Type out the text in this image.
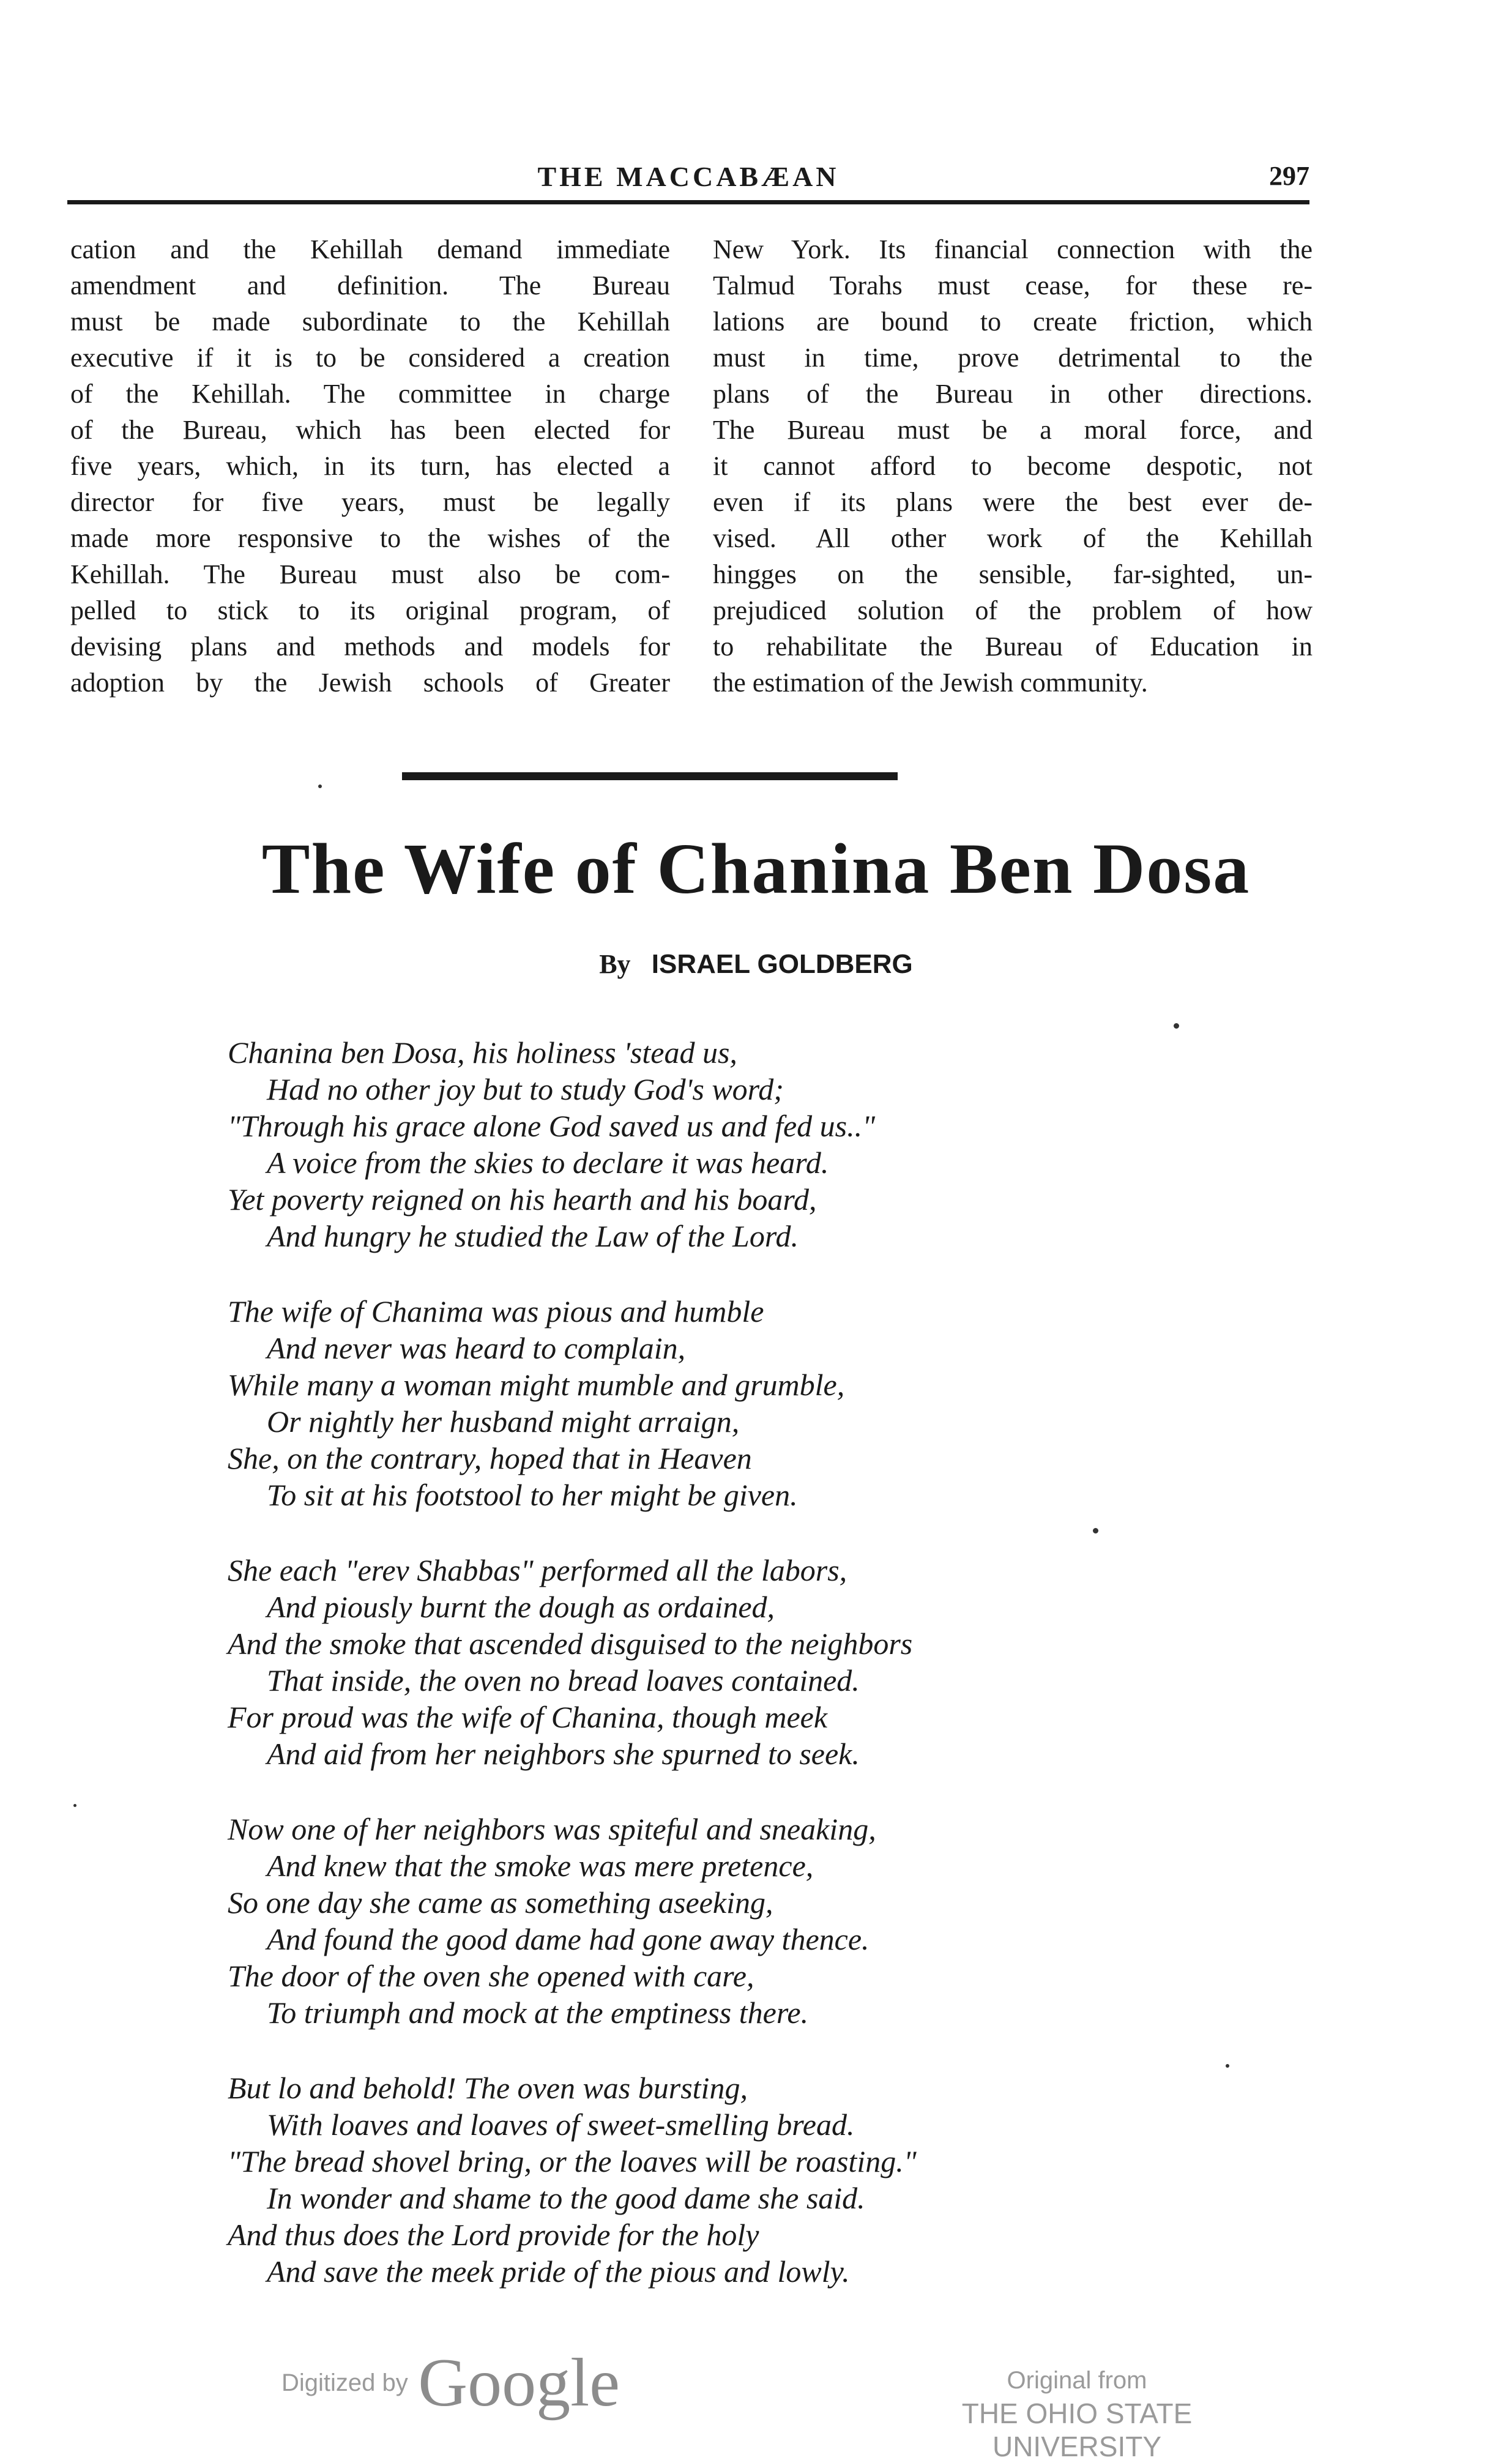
THE MACCABÆAN	297
cation and the Kehillah demand immediate
amendment and definition. The Bureau
must be made subordinate to the Kehillah
executive if it is to be considered a creation
of the Kehillah. The committee in charge
of the Bureau, which has been elected for
five years, which, in its turn, has elected a
director for five years, must be legally
made more responsive to the wishes of the
Kehillah. The Bureau must also be com-
pelled to stick to its original program, of
devising plans and methods and models for
adoption by the Jewish schools of Greater
New York. Its financial connection with the
Talmud Torahs must cease, for these re-
lations are bound to create friction, which
must in time, prove detrimental to the
plans of the Bureau in other directions.
The Bureau must be a moral force, and
it cannot afford to become despotic, not
even if its plans were the best ever de-
vised. All other work of the Kehillah
hingges on the sensible, far-sighted, un-
prejudiced solution of the problem of how
to rehabilitate the Bureau of Education in
the estimation of the Jewish community.
The Wife of Chanina Ben Dosa
By ISRAEL GOLDBERG
Chanina ben Dosa, his holiness 'stead us,
Had no other joy but to study God's word;
"Through his grace alone God saved us and fed us.."
A voice from the skies to declare it was heard.
Yet poverty reigned on his hearth and his board,
And hungry he studied the Law of the Lord.
The wife of Chanima was pious and humble
And never was heard to complain,
While many a woman might mumble and grumble,
Or nightly her husband might arraign,
She, on the contrary, hoped that in Heaven
To sit at his footstool to her might be given.
She each "erev Shabbas" performed all the labors,
And piously burnt the dough as ordained,
And the smoke that ascended disguised to the neighbors
That inside, the oven no bread loaves contained.
For proud was the wife of Chanina, though meek
And aid from her neighbors she spurned to seek.
Now one of her neighbors was spiteful and sneaking,
And knew that the smoke was mere pretence,
So one day she came as something aseeking,
And found the good dame had gone away thence.
The door of the oven she opened with care,
To triumph and mock at the emptiness there.
But lo and behold! The oven was bursting,
With loaves and loaves of sweet-smelling bread.
"The bread shovel bring, or the loaves will be roasting."
In wonder and shame to the good dame she said.
And thus does the Lord provide for the holy
And save the meek pride of the pious and lowly.
Digitized by Google	Original from
THE OHIO STATE UNIVERSITY
